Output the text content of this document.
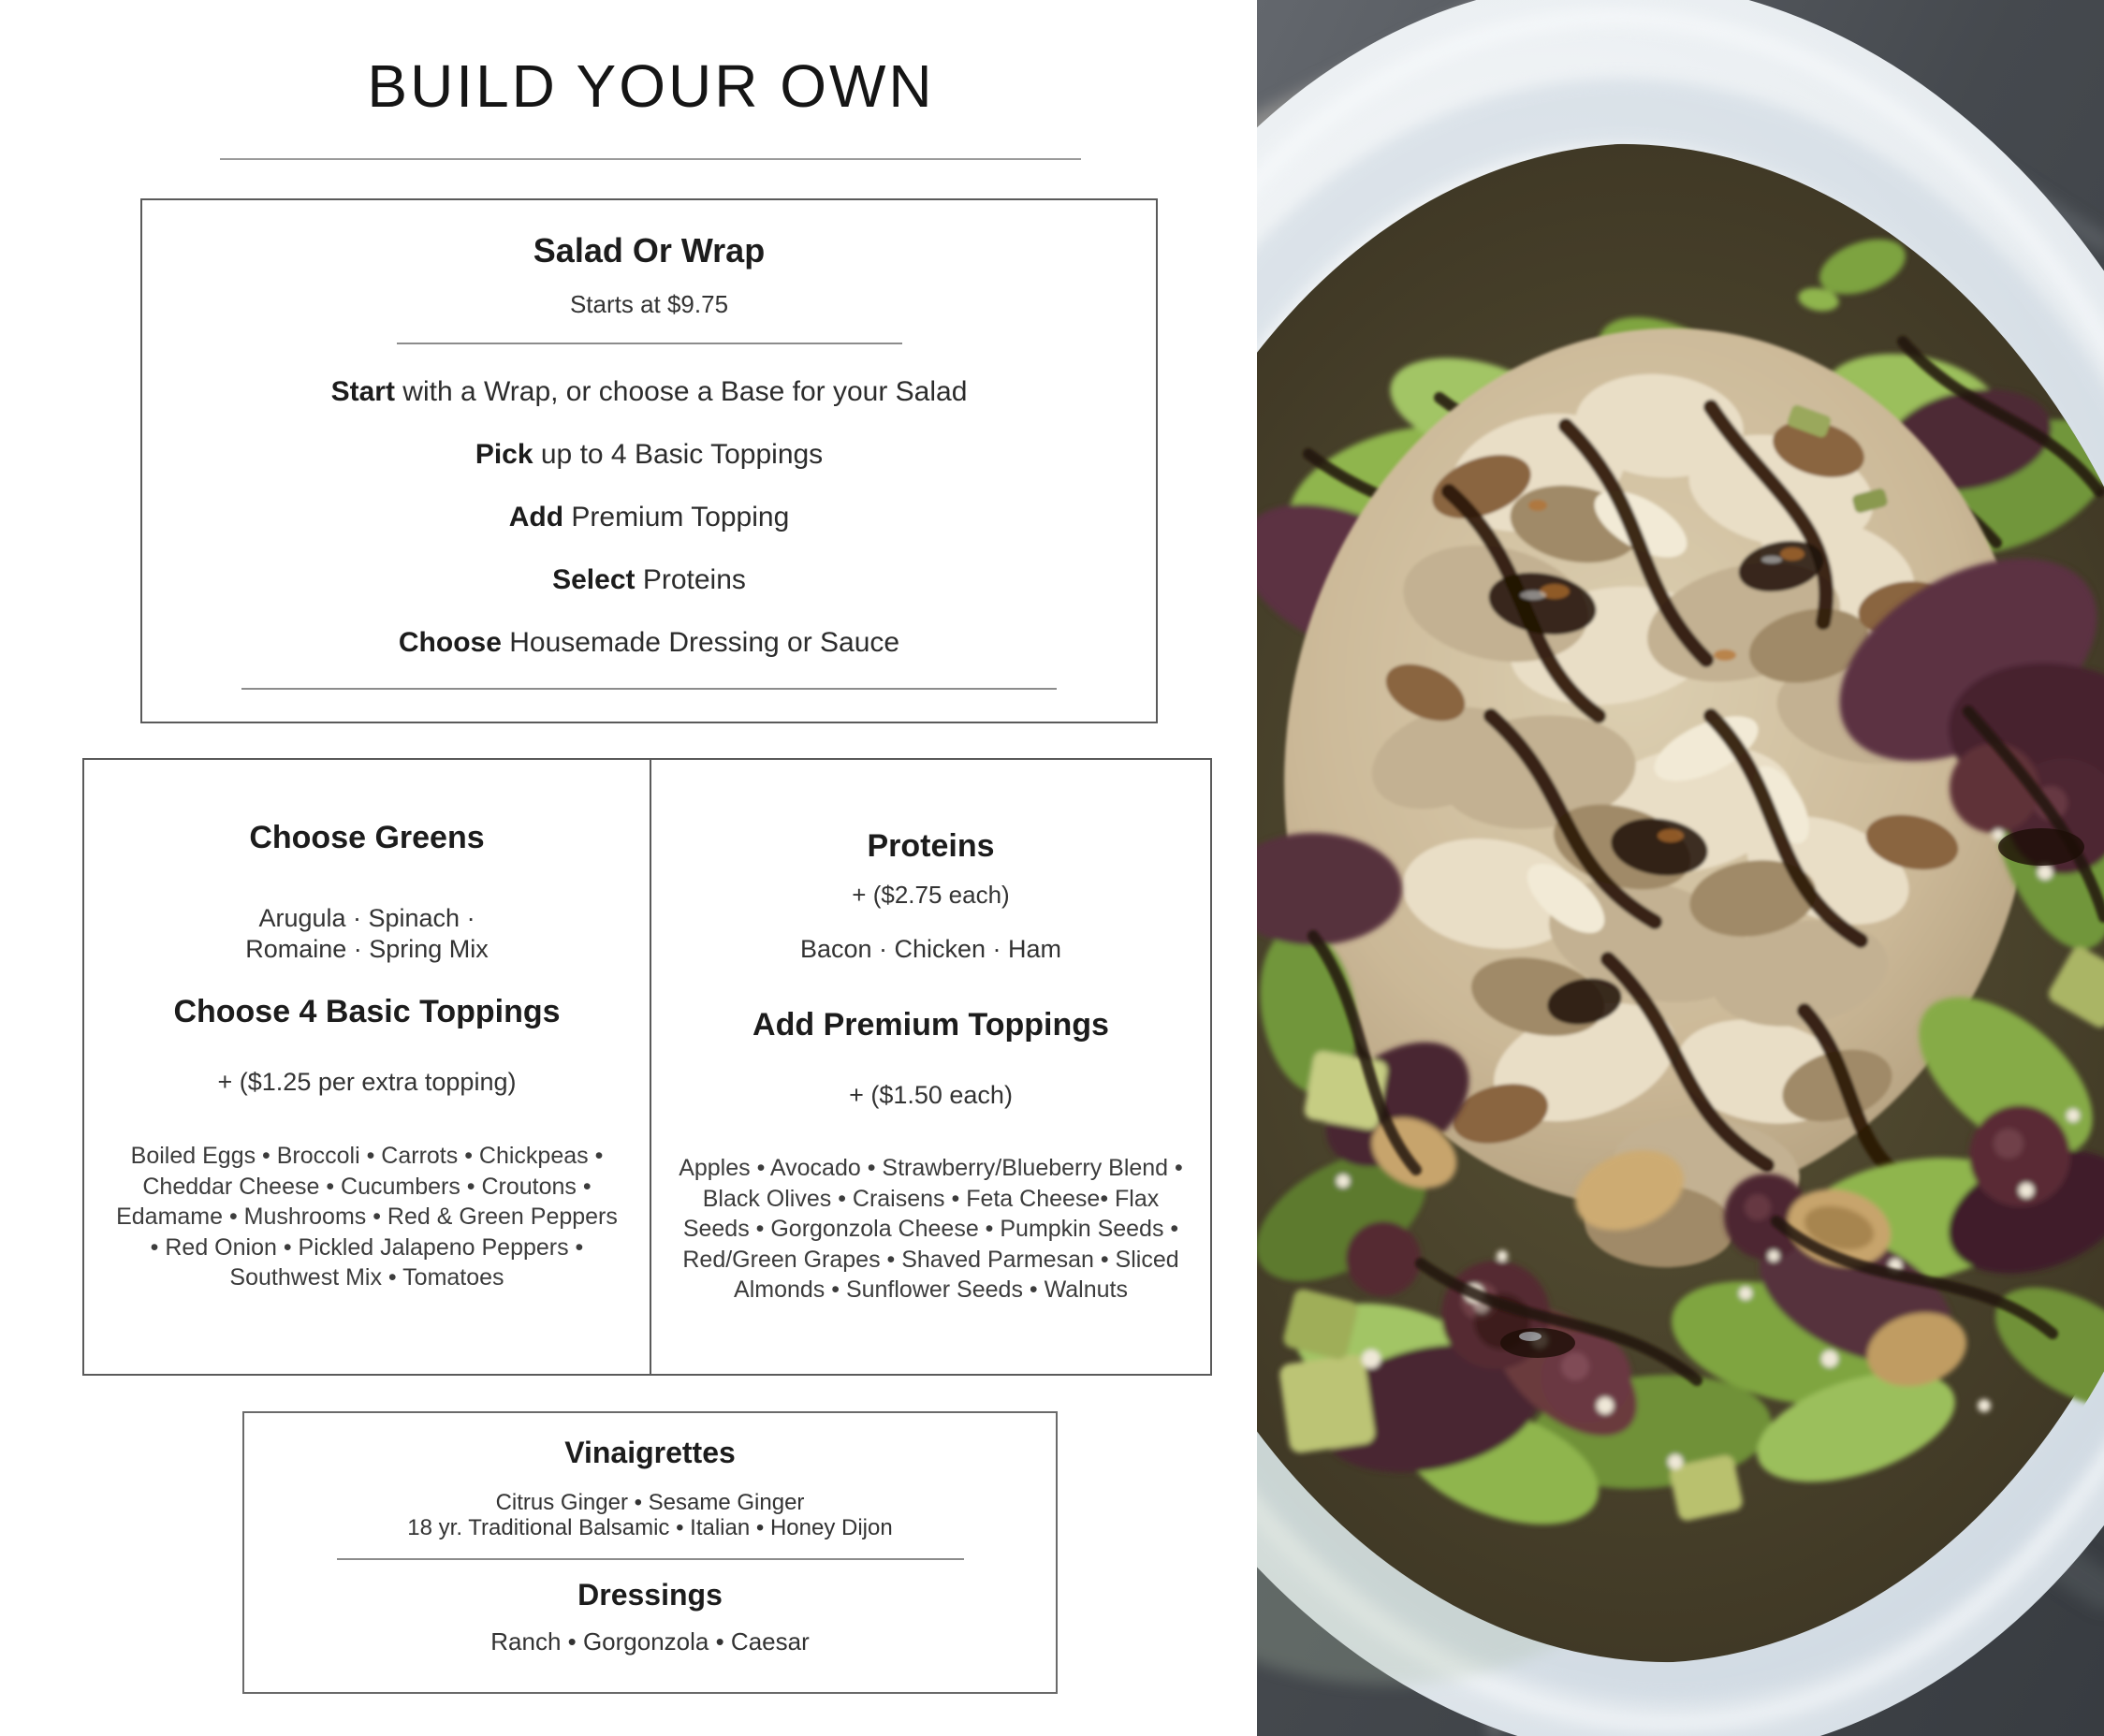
BUILD YOUR OWN
Salad Or Wrap

Starts at $9.75

Start with a Wrap, or choose a Base for your Salad

Pick up to 4 Basic Toppings

Add Premium Topping

Select Proteins

Choose Housemade Dressing or Sauce

Choose Greens
Arugula · Spinach ·
Romaine · Spring Mix
Choose 4 Basic Toppings

+ ($1.25 per extra topping)

Boiled Eggs • Broccoli • Carrots • Chickpeas • Cheddar Cheese • Cucumbers • Croutons • Edamame • Mushrooms • Red & Green Peppers • Red Onion • Pickled Jalapeno Peppers • Southwest Mix • Tomatoes

Proteins

+ ($2.75 each)

Bacon · Chicken · Ham

Add Premium Toppings

+ ($1.50 each)

Apples • Avocado • Strawberry/Blueberry Blend • Black Olives • Craisens • Feta Cheese• Flax Seeds • Gorgonzola Cheese • Pumpkin Seeds • Red/Green Grapes • Shaved Parmesan • Sliced Almonds • Sunflower Seeds • Walnuts

Vinaigrettes
Citrus Ginger • Sesame Ginger
18 yr. Traditional Balsamic • Italian • Honey Dijon
Dressings

Ranch • Gorgonzola • Caesar
